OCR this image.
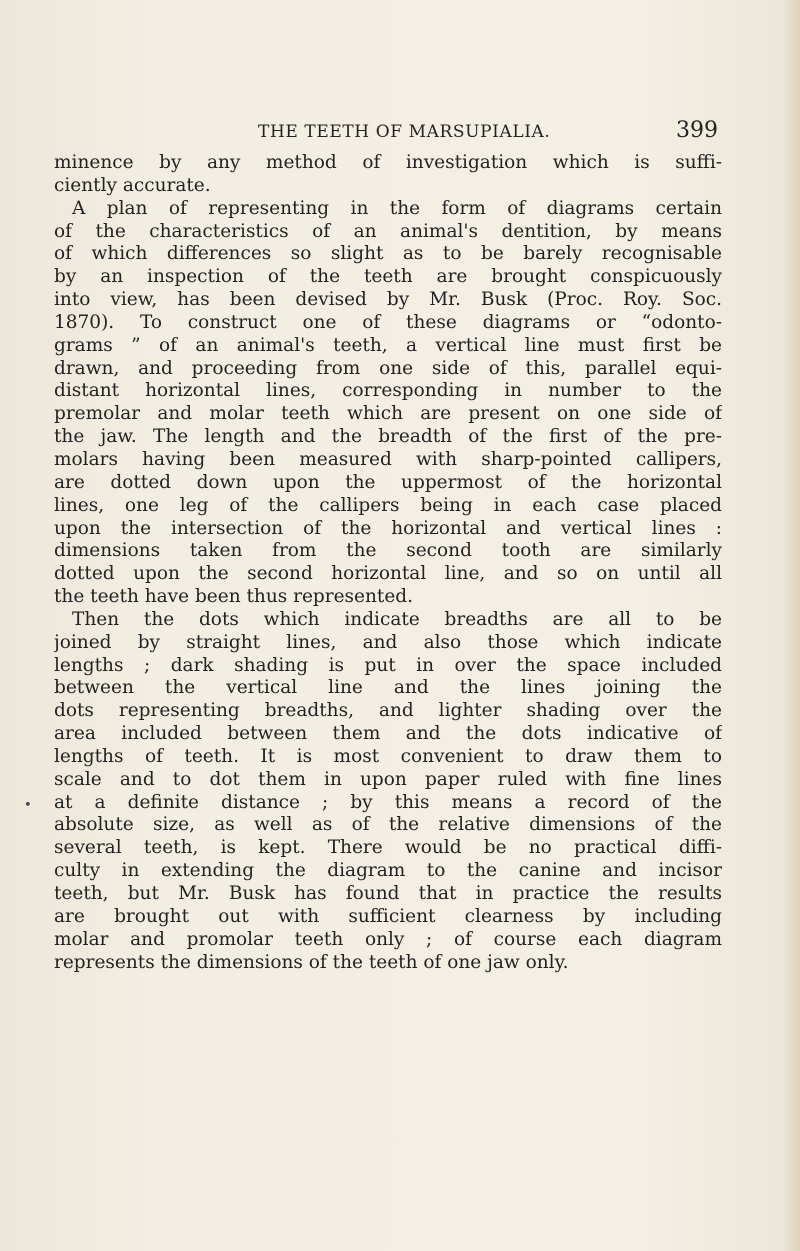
THE TEETH OF MARSUPIALIA.	399
•
minence by any method of investigation which is suffi-
ciently accurate.
A plan of representing in the form of diagrams certain
of the characteristics of an animal's dentition, by means
of which differences so slight as to be barely recognisable
by an inspection of the teeth are brought conspicuously
into view, has been devised by Mr. Busk (Proc. Roy. Soc.
1870). To construct one of these diagrams or “odonto-
grams ” of an animal's teeth, a vertical line must first be
drawn, and proceeding from one side of this, parallel equi-
distant horizontal lines, corresponding in number to the
premolar and molar teeth which are present on one side of
the jaw. The length and the breadth of the first of the pre-
molars having been measured with sharp-pointed callipers,
are dotted down upon the uppermost of the horizontal
lines, one leg of the callipers being in each case placed
upon the intersection of the horizontal and vertical lines :
dimensions taken from the second tooth are similarly
dotted upon the second horizontal line, and so on until all
the teeth have been thus represented.
Then the dots which indicate breadths are all to be
joined by straight lines, and also those which indicate
lengths ; dark shading is put in over the space included
between the vertical line and the lines joining the
dots representing breadths, and lighter shading over the
area included between them and the dots indicative of
lengths of teeth. It is most convenient to draw them to
scale and to dot them in upon paper ruled with fine lines
at a definite distance ; by this means a record of the
absolute size, as well as of the relative dimensions of the
several teeth, is kept. There would be no practical diffi-
culty in extending the diagram to the canine and incisor
teeth, but Mr. Busk has found that in practice the results
are brought out with sufficient clearness by including
molar and promolar teeth only ; of course each diagram
represents the dimensions of the teeth of one jaw only.
